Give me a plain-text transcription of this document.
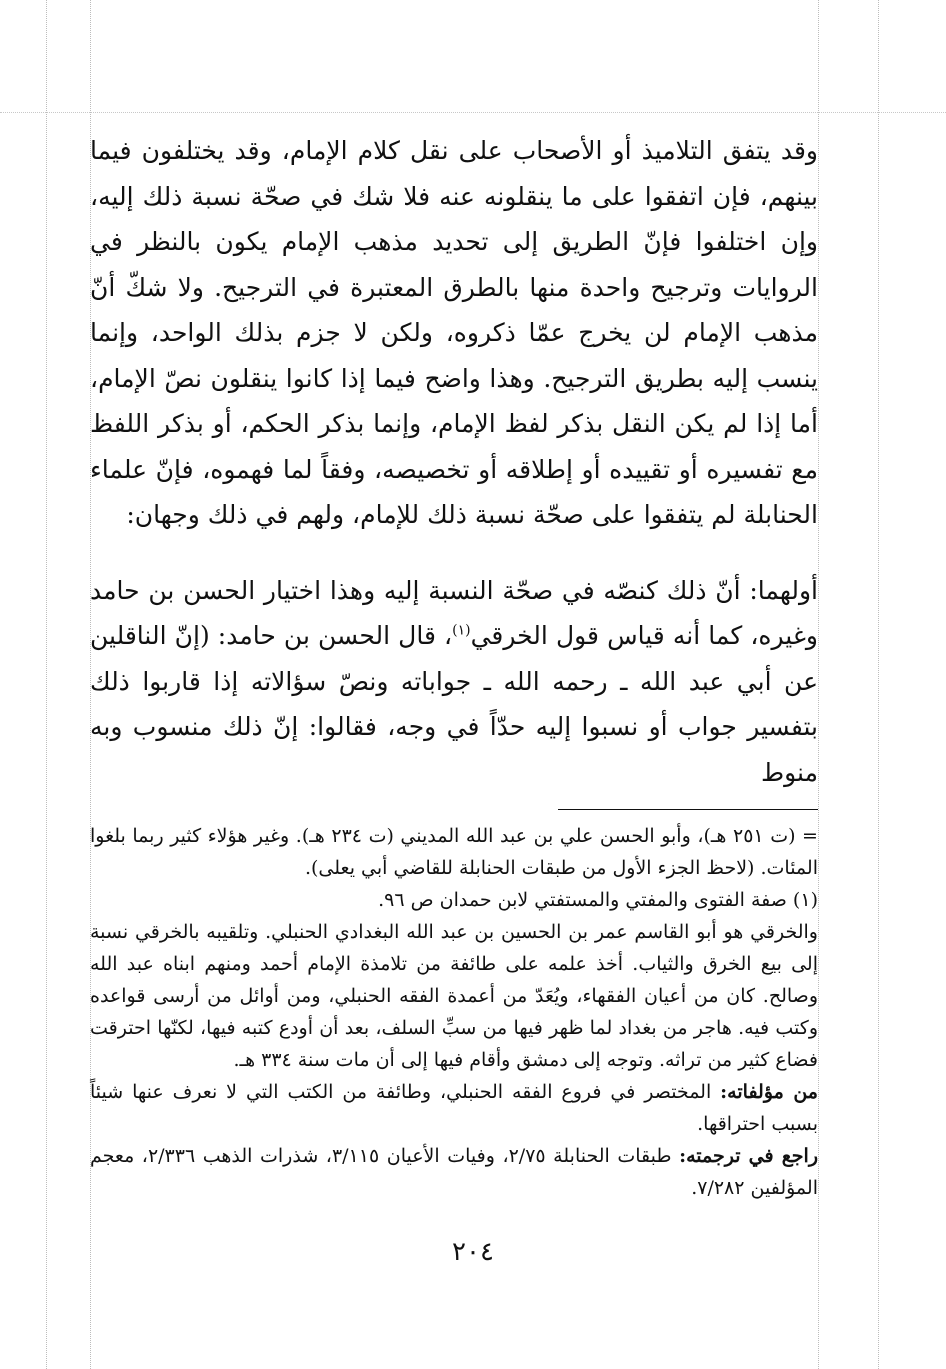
وقد يتفق التلاميذ أو الأصحاب على نقل كلام الإمام، وقد يختلفون فيما بينهم، فإن اتفقوا على ما ينقلونه عنه فلا شك في صحّة نسبة ذلك إليه، وإن اختلفوا فإنّ الطريق إلى تحديد مذهب الإمام يكون بالنظر في الروايات وترجيح واحدة منها بالطرق المعتبرة في الترجيح. ولا شكّ أنّ مذهب الإمام لن يخرج عمّا ذكروه، ولكن لا جزم بذلك الواحد، وإنما ينسب إليه بطريق الترجيح. وهذا واضح فيما إذا كانوا ينقلون نصّ الإمام، أما إذا لم يكن النقل بذكر لفظ الإمام، وإنما بذكر الحكم، أو بذكر اللفظ مع تفسيره أو تقييده أو إطلاقه أو تخصيصه، وفقاً لما فهموه، فإنّ علماء الحنابلة لم يتفقوا على صحّة نسبة ذلك للإمام، ولهم في ذلك وجهان:

أولهما: أنّ ذلك كنصّه في صحّة النسبة إليه وهذا اختيار الحسن بن حامد وغيره، كما أنه قياس قول الخرقي$^{(١)}$، قال الحسن بن حامد: (إنّ الناقلين عن أبي عبد الله ـ رحمه الله ـ جواباته ونصّ سؤالاته إذا قاربوا ذلك بتفسير جواب أو نسبوا إليه حدّاً في وجه، فقالوا: إنّ ذلك منسوب وبه منوط

= (ت ٢٥١ هـ)، وأبو الحسن علي بن عبد الله المديني (ت ٢٣٤ هـ). وغير هؤلاء كثير ربما بلغوا المئات. (لاحظ الجزء الأول من طبقات الحنابلة للقاضي أبي يعلى).

(١) صفة الفتوى والمفتي والمستفتي لابن حمدان ص ٩٦.

والخرقي هو أبو القاسم عمر بن الحسين بن عبد الله البغدادي الحنبلي. وتلقيبه بالخرقي نسبة إلى بيع الخرق والثياب. أخذ علمه على طائفة من تلامذة الإمام أحمد ومنهم ابناه عبد الله وصالح. كان من أعيان الفقهاء، ويُعَدّ من أعمدة الفقه الحنبلي، ومن أوائل من أرسى قواعده وكتب فيه. هاجر من بغداد لما ظهر فيها من سبِّ السلف، بعد أن أودع كتبه فيها، لكنّها احترقت فضاع كثير من تراثه. وتوجه إلى دمشق وأقام فيها إلى أن مات سنة ٣٣٤ هـ.

من مؤلفاته: المختصر في فروع الفقه الحنبلي، وطائفة من الكتب التي لا نعرف عنها شيئاً بسبب احتراقها.

راجع في ترجمته: طبقات الحنابلة ٢/٧٥، وفيات الأعيان ٣/١١٥، شذرات الذهب ٢/٣٣٦، معجم المؤلفين ٧/٢٨٢.

٢٠٤
